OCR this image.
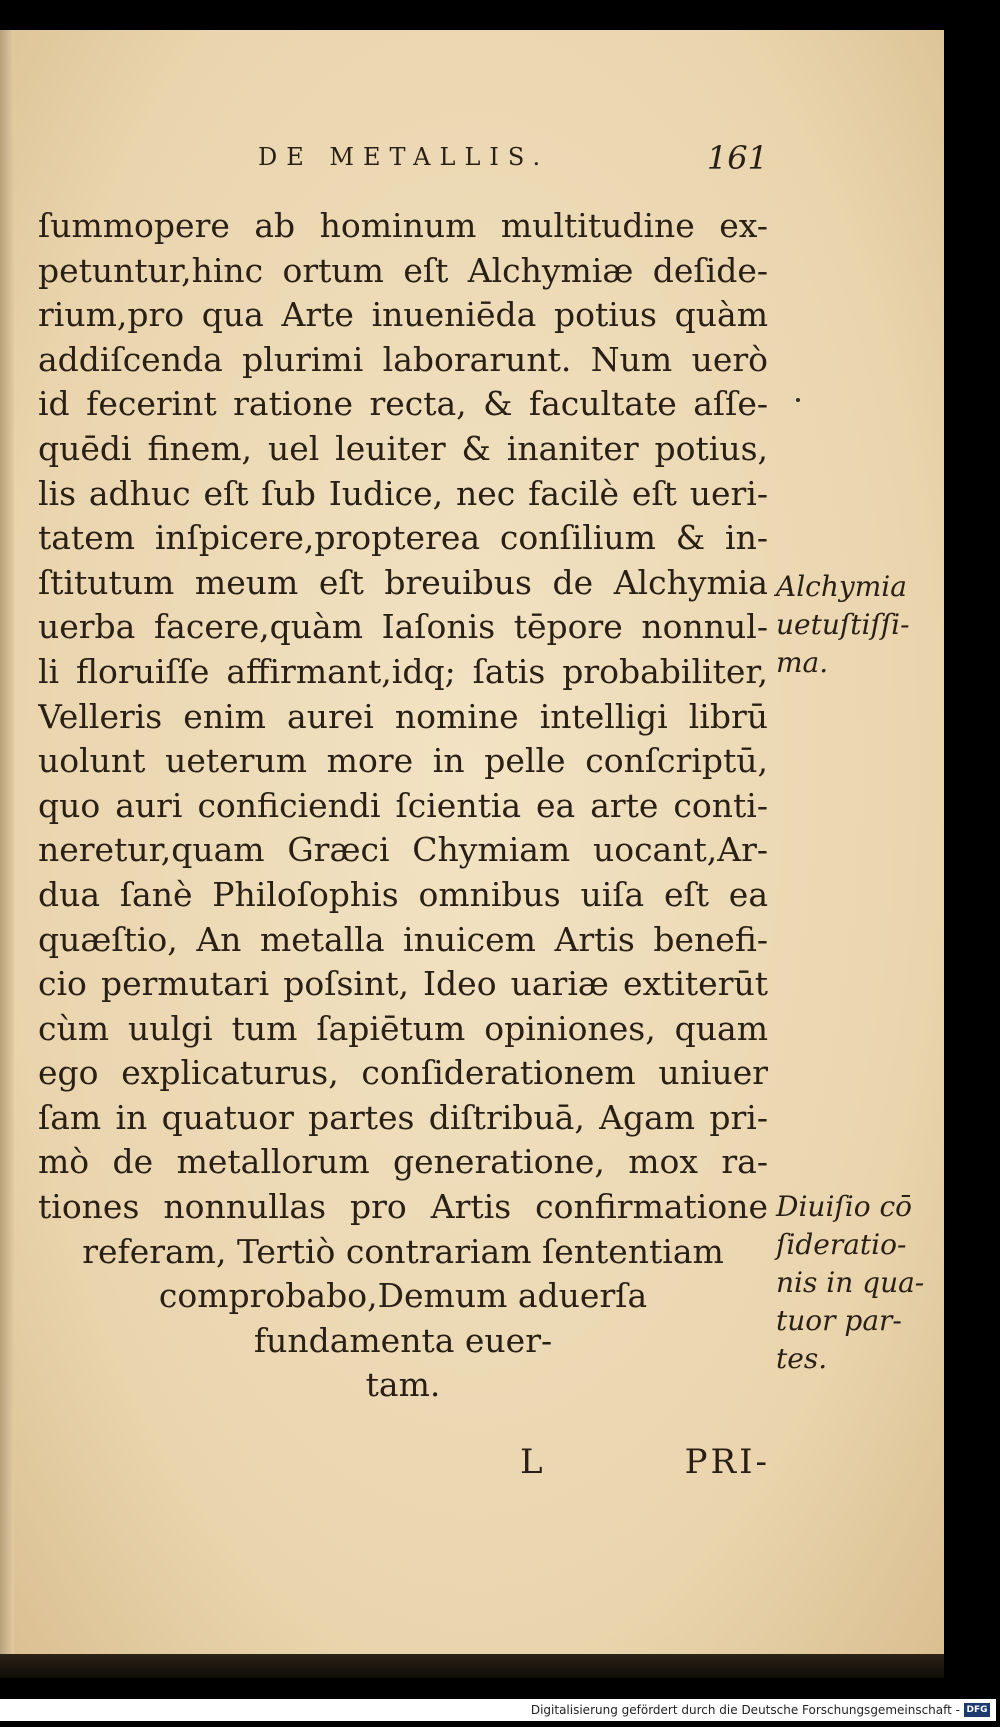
DE METALLIS.	161
ſummopere ab hominum multitudine ex-
petuntur,hinc ortum eſt Alchymiæ deſide-
rium,pro qua Arte inueniēda potius quàm
addiſcenda plurimi laborarunt. Num uerò
id fecerint ratione recta, & facultate aſſe-
quēdi finem, uel leuiter & inaniter potius,
lis adhuc eſt ſub Iudice, nec facilè eſt ueri-
tatem inſpicere,propterea conſilium & in-
ſtitutum meum eſt breuibus de Alchymia
uerba facere,quàm Iaſonis tēpore nonnul-
li floruiſſe affirmant,idq; ſatis probabiliter,
Velleris enim aurei nomine intelligi librū
uolunt ueterum more in pelle conſcriptū,
quo auri conficiendi ſcientia ea arte conti-
neretur,quam Græci Chymiam uocant,Ar-
dua ſanè Philoſophis omnibus uiſa eſt ea
quæſtio, An metalla inuicem Artis benefi-
cio permutari poſsint, Ideo uariæ extiterūt
cùm uulgi tum ſapiētum opiniones, quam
ego explicaturus, conſiderationem uniuer
ſam in quatuor partes diſtribuā, Agam pri-
mò de metallorum generatione, mox ra-
tiones nonnullas pro Artis confirmatione
referam, Tertiò contrariam ſententiam
comprobabo,Demum aduerſa
fundamenta euer-
tam.
Alchymia
uetuſtiſſi-
ma.
Diuiſio cō
ſideratio-
nis in qua-
tuor par-
tes.
L	PRI-
Digitalisierung gefördert durch die Deutsche Forschungsgemeinschaft - DFG
